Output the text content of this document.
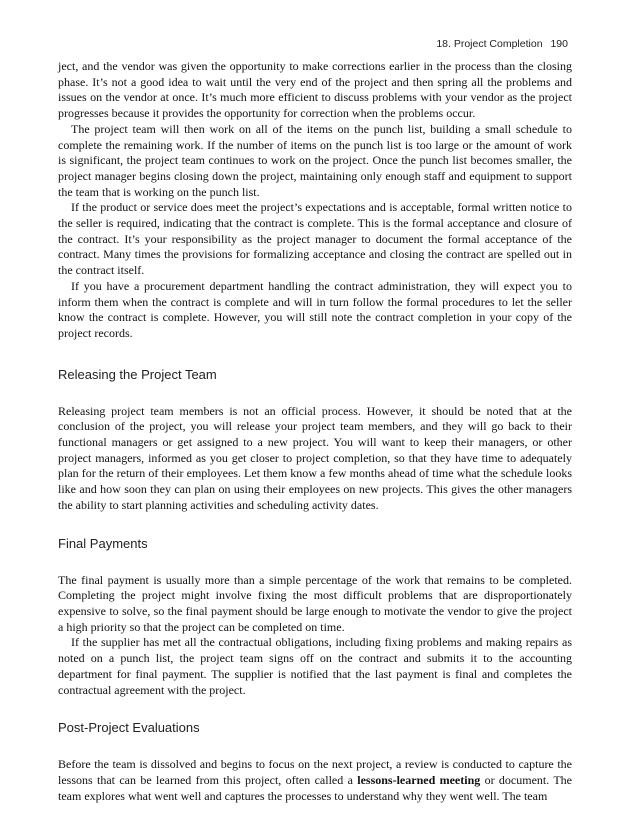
18. Project Completion 190

ject, and the vendor was given the opportunity to make corrections earlier in the process than the closing phase. It’s not a good idea to wait until the very end of the project and then spring all the problems and issues on the vendor at once. It’s much more efficient to discuss problems with your vendor as the project progresses because it provides the opportunity for correction when the problems occur.

The project team will then work on all of the items on the punch list, building a small schedule to complete the remaining work. If the number of items on the punch list is too large or the amount of work is significant, the project team continues to work on the project. Once the punch list becomes smaller, the project manager begins closing down the project, maintaining only enough staff and equipment to support the team that is working on the punch list.

If the product or service does meet the project’s expectations and is acceptable, formal written notice to the seller is required, indicating that the contract is complete. This is the formal acceptance and closure of the contract. It’s your responsibility as the project manager to document the formal acceptance of the contract. Many times the provisions for formalizing acceptance and closing the contract are spelled out in the contract itself.

If you have a procurement department handling the contract administration, they will expect you to inform them when the contract is complete and will in turn follow the formal procedures to let the seller know the contract is complete. However, you will still note the contract completion in your copy of the project records.

Releasing the Project Team

Releasing project team members is not an official process. However, it should be noted that at the conclusion of the project, you will release your project team members, and they will go back to their functional managers or get assigned to a new project. You will want to keep their managers, or other project managers, informed as you get closer to project completion, so that they have time to adequately plan for the return of their employees. Let them know a few months ahead of time what the schedule looks like and how soon they can plan on using their employees on new projects. This gives the other managers the ability to start planning activities and scheduling activity dates.

Final Payments

The final payment is usually more than a simple percentage of the work that remains to be completed. Completing the project might involve fixing the most difficult problems that are disproportionately expensive to solve, so the final payment should be large enough to motivate the vendor to give the project a high priority so that the project can be completed on time.

If the supplier has met all the contractual obligations, including fixing problems and making repairs as noted on a punch list, the project team signs off on the contract and submits it to the accounting department for final payment. The supplier is notified that the last payment is final and completes the contractual agreement with the project.

Post-Project Evaluations

Before the team is dissolved and begins to focus on the next project, a review is conducted to capture the lessons that can be learned from this project, often called a lessons-learned meeting or document. The team explores what went well and captures the processes to understand why they went well. The team
